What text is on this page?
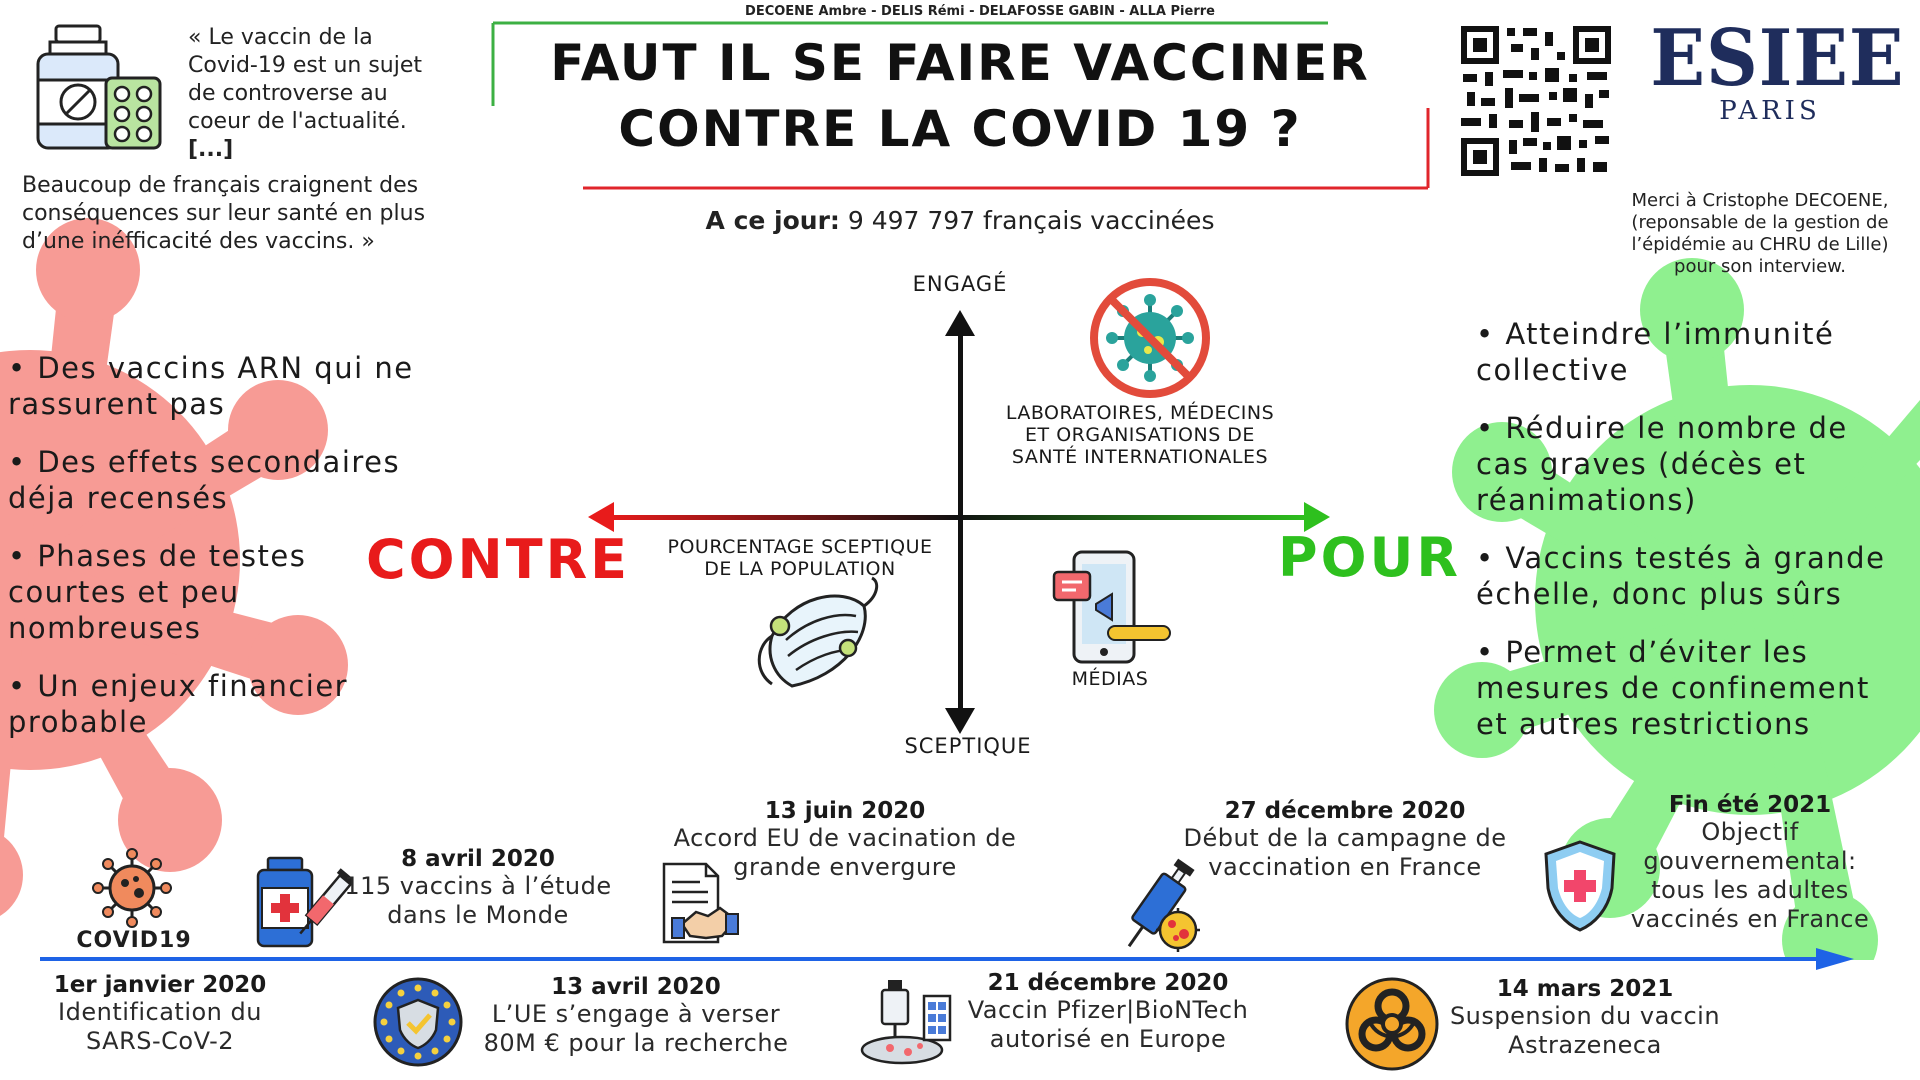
DECOENE Ambre - DELIS Rémi - DELAFOSSE GABIN - ALLA Pierre
FAUT IL SE FAIRE VACCINER
CONTRE LA COVID 19 ?
A ce jour: 9 497 797 français vaccinées
« Le vaccin de la
Covid-19 est un sujet
de controverse au
coeur de l'actualité.
[...]
Beaucoup de français craignent des
conséquences sur leur santé en plus
d’une inéfficacité des vaccins. »
ESIEE
PARIS
Merci à Cristophe DECOENE,
(reponsable de la gestion de
l’épidémie au CHRU de Lille)
pour son interview.
• Des vaccins ARN qui ne
rassurent pas
• Des effets secondaires
déja recensés
• Phases de testes
courtes et peu
nombreuses
• Un enjeux financier
probable
• Atteindre l’immunité
collective
• Réduire le nombre de
cas graves (décès et
réanimations)
• Vaccins testés à grande
échelle, donc plus sûrs
• Permet d’éviter les
mesures de confinement
et autres restrictions
ENGAGÉ
SCEPTIQUE
CONTRE	POUR
LABORATOIRES, MÉDECINS
ET ORGANISATIONS DE
SANTÉ INTERNATIONALES
POURCENTAGE SCEPTIQUE
DE LA POPULATION
MÉDIAS
COVID19
1er janvier 2020
Identification du
SARS-CoV-2
8 avril 2020
115 vaccins à l’étude
dans le Monde
13 avril 2020
L’UE s’engage à verser
80M € pour la recherche
13 juin 2020
Accord EU de vacination de
grande envergure
21 décembre 2020
Vaccin Pfizer|BioNTech
autorisé en Europe
27 décembre 2020
Début de la campagne de
vaccination en France
14 mars 2021
Suspension du vaccin
Astrazeneca
Fin été 2021
Objectif
gouvernemental:
tous les adultes
vaccinés en France
